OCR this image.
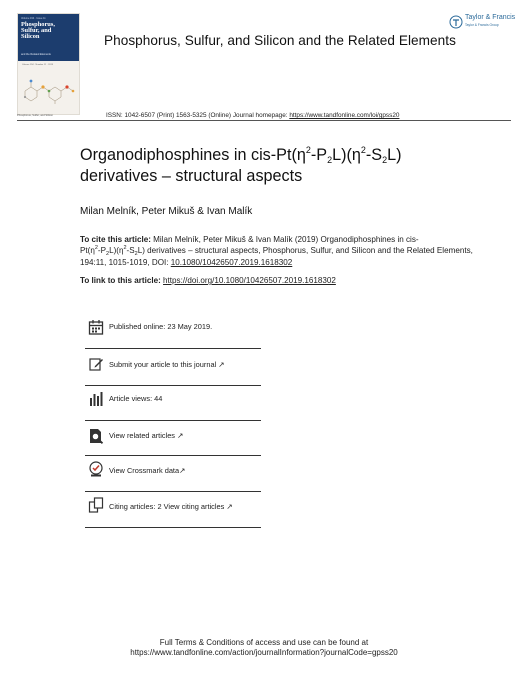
Volume 194 · Issue 11
Phosphorus,
Sulfur, and
Silicon
and the Related Elements
Volume 194 · Number 11 · 2019
Phosphorus, Sulfur, and Silicon
Phosphorus, Sulfur, and Silicon and the Related Elements
Taylor & Francis
Taylor & Francis Group
ISSN: 1042-6507 (Print) 1563-5325 (Online) Journal homepage: https://www.tandfonline.com/loi/gpss20
Organodiphosphines in cis-$Pt(\eta^2-P_2L)(\eta^2-S_2L)$
derivatives – structural aspects
Milan Melník, Peter Mikuš & Ivan Malík
To cite this article: Milan Melník, Peter Mikuš & Ivan Malík (2019) Organodiphosphines in cis-
$Pt(\eta^2-P_2L)(\eta^2-S_2L)$ derivatives – structural aspects, Phosphorus, Sulfur, and Silicon and the Related Elements, 194:11, 1015-1019, DOI: 10.1080/10426507.2019.1618302
To link to this article: https://doi.org/10.1080/10426507.2019.1618302
Published online: 23 May 2019.
Submit your article to this journal ↗
Article views: 44
View related articles ↗
View Crossmark data↗
Citing articles: 2 View citing articles ↗
Full Terms & Conditions of access and use can be found at
https://www.tandfonline.com/action/journalInformation?journalCode=gpss20
